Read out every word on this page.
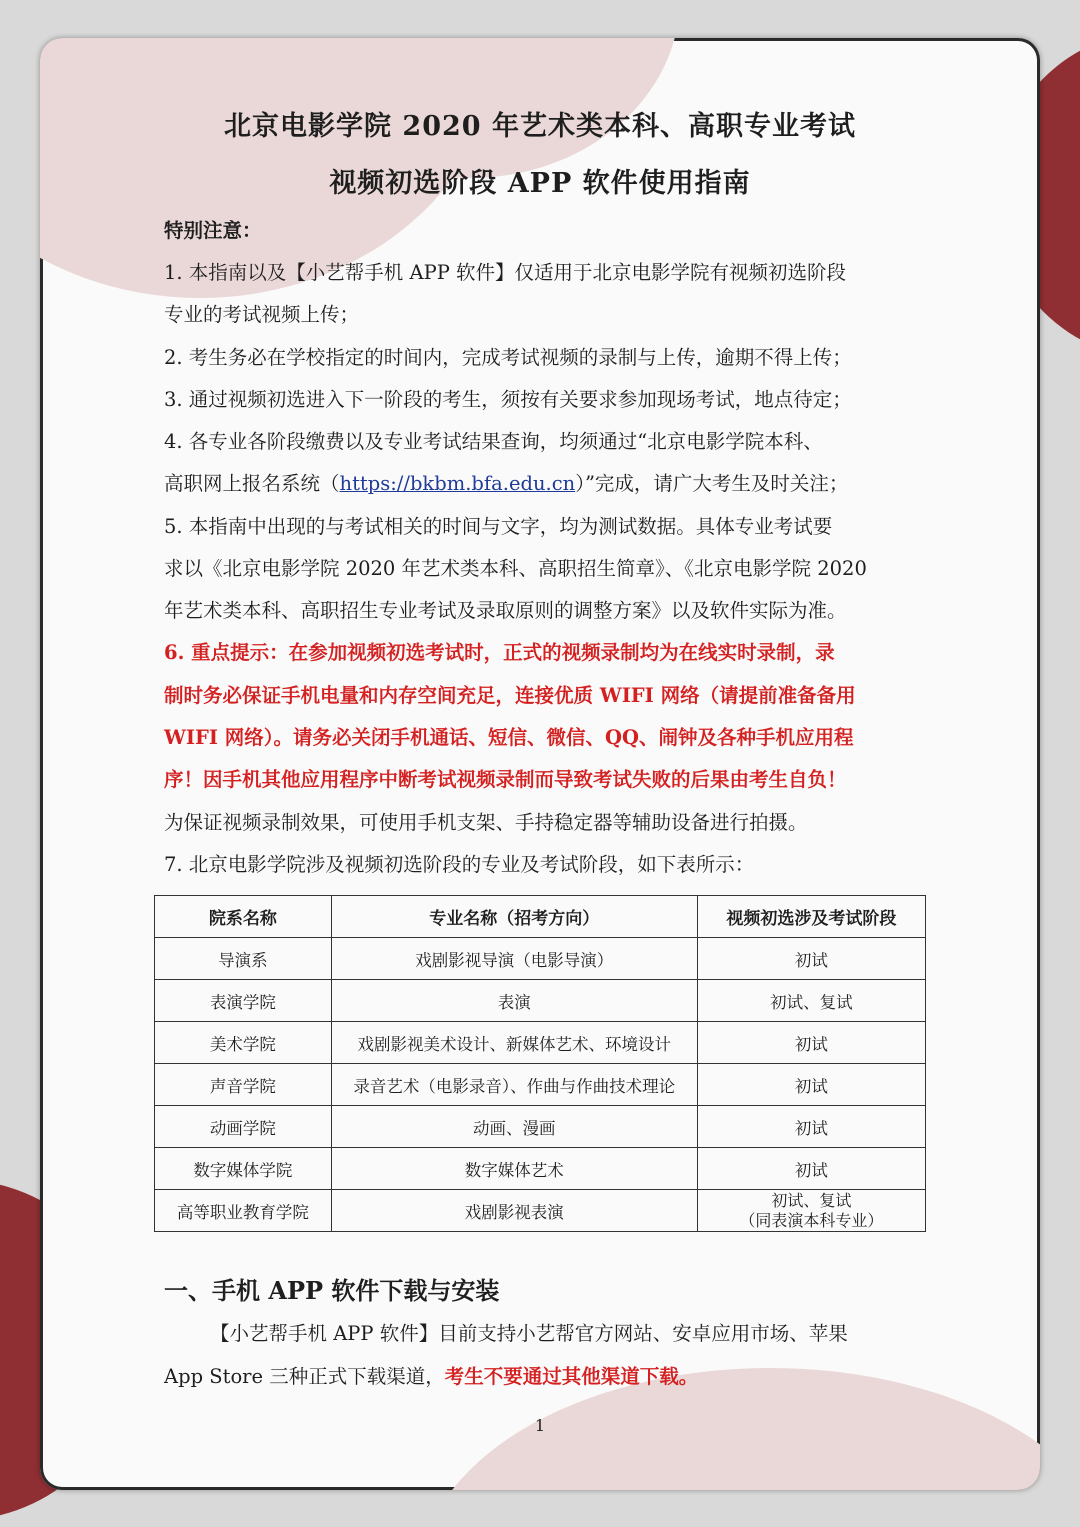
北京电影学院 2020 年艺术类本科、高职专业考试
视频初选阶段 APP 软件使用指南
特别注意：
1. 本指南以及【小艺帮手机 APP 软件】仅适用于北京电影学院有视频初选阶段
专业的考试视频上传；
2. 考生务必在学校指定的时间内，完成考试视频的录制与上传，逾期不得上传；
3. 通过视频初选进入下一阶段的考生，须按有关要求参加现场考试，地点待定；
4. 各专业各阶段缴费以及专业考试结果查询，均须通过“北京电影学院本科、
高职网上报名系统（https://bkbm.bfa.edu.cn）”完成，请广大考生及时关注；
5. 本指南中出现的与考试相关的时间与文字，均为测试数据。具体专业考试要
求以《北京电影学院 2020 年艺术类本科、高职招生简章》、《北京电影学院 2020
年艺术类本科、高职招生专业考试及录取原则的调整方案》以及软件实际为准。
6. 重点提示：在参加视频初选考试时，正式的视频录制均为在线实时录制，录
制时务必保证手机电量和内存空间充足，连接优质 WIFI 网络（请提前准备备用
WIFI 网络）。请务必关闭手机通话、短信、微信、QQ、闹钟及各种手机应用程
序！因手机其他应用程序中断考试视频录制而导致考试失败的后果由考生自负！
为保证视频录制效果，可使用手机支架、手持稳定器等辅助设备进行拍摄。
7. 北京电影学院涉及视频初选阶段的专业及考试阶段，如下表所示：
院系名称	专业名称（招考方向）	视频初选涉及考试阶段
导演系	戏剧影视导演（电影导演）	初试
表演学院	表演	初试、复试
美术学院	戏剧影视美术设计、新媒体艺术、环境设计	初试
声音学院	录音艺术（电影录音）、作曲与作曲技术理论	初试
动画学院	动画、漫画	初试
数字媒体学院	数字媒体艺术	初试
高等职业教育学院	戏剧影视表演	初试、复试
（同表演本科专业）
一、手机 APP 软件下载与安装
【小艺帮手机 APP 软件】目前支持小艺帮官方网站、安卓应用市场、苹果
App Store 三种正式下载渠道，考生不要通过其他渠道下载。
1
